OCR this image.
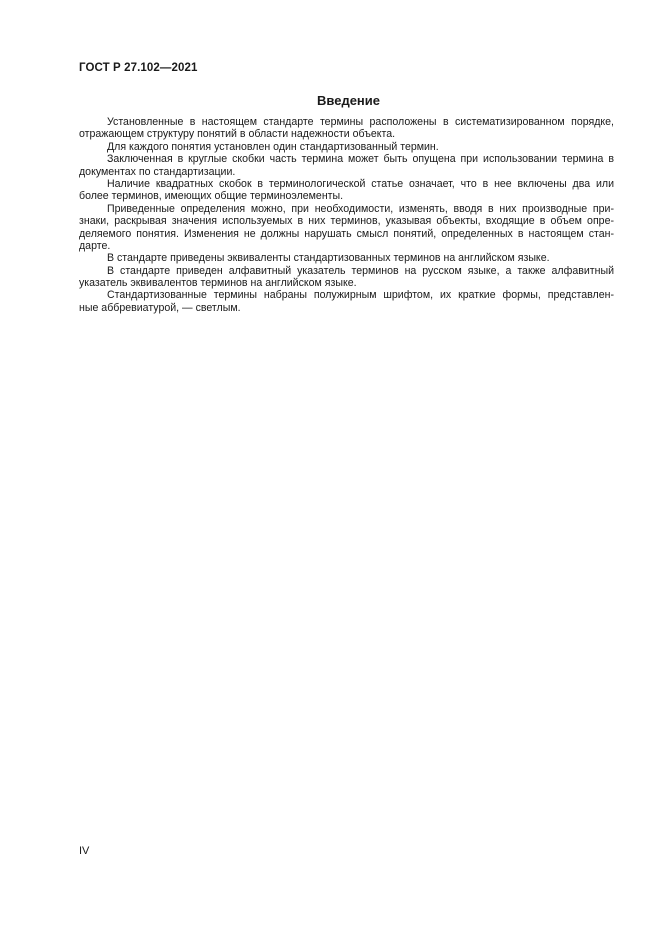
ГОСТ Р 27.102—2021
Введение
Установленные в настоящем стандарте термины расположены в систематизированном порядке,
отражающем структуру понятий в области надежности объекта.
Для каждого понятия установлен один стандартизованный термин.
Заключенная в круглые скобки часть термина может быть опущена при использовании термина в
документах по стандартизации.
Наличие квадратных скобок в терминологической статье означает, что в нее включены два или
более терминов, имеющих общие терминоэлементы.
Приведенные определения можно, при необходимости, изменять, вводя в них производные при-
знаки, раскрывая значения используемых в них терминов, указывая объекты, входящие в объем опре-
деляемого понятия. Изменения не должны нарушать смысл понятий, определенных в настоящем стан-
дарте.
В стандарте приведены эквиваленты стандартизованных терминов на английском языке.
В стандарте приведен алфавитный указатель терминов на русском языке, а также алфавитный
указатель эквивалентов терминов на английском языке.
Стандартизованные термины набраны полужирным шрифтом, их краткие формы, представлен-
ные аббревиатурой, — светлым.
IV
